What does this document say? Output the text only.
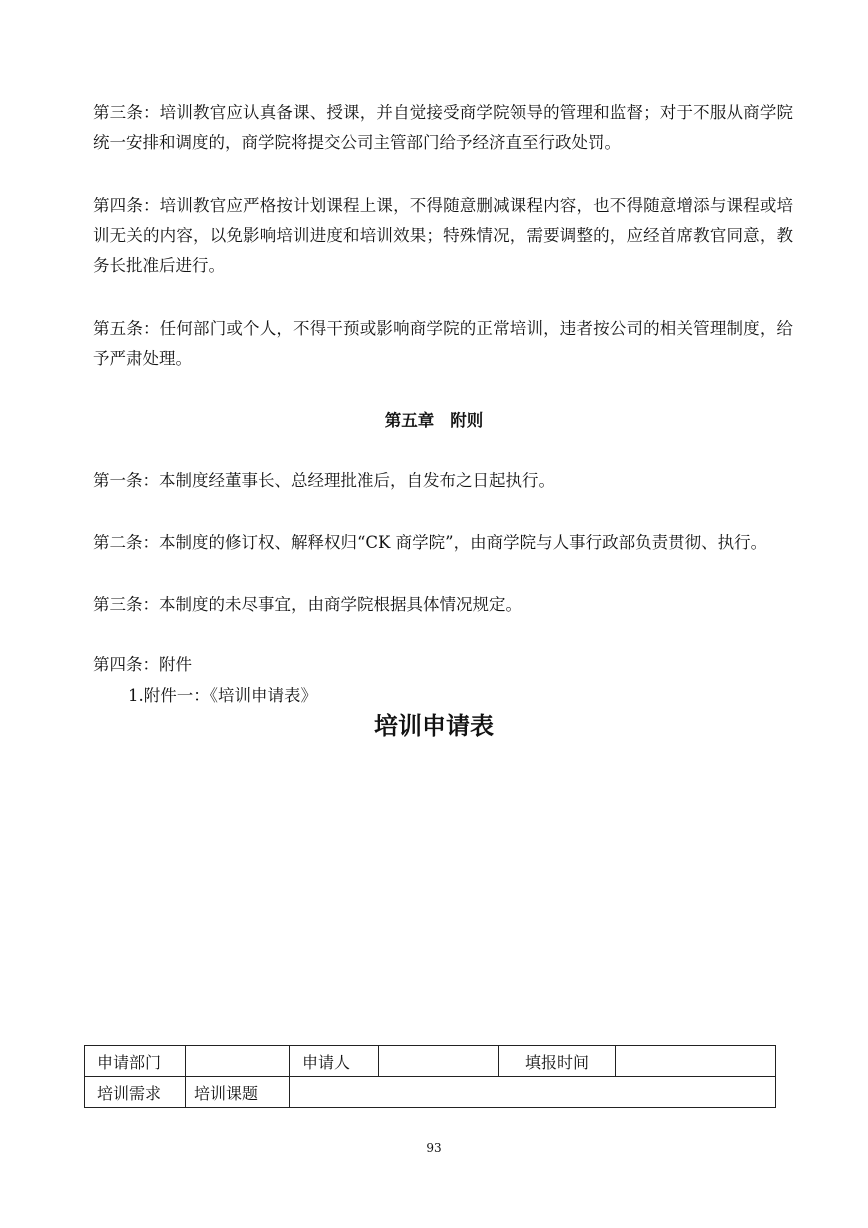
第三条：培训教官应认真备课、授课，并自觉接受商学院领导的管理和监督；对于不服从商学院统一安排和调度的，商学院将提交公司主管部门给予经济直至行政处罚。

第四条：培训教官应严格按计划课程上课，不得随意删减课程内容，也不得随意增添与课程或培训无关的内容，以免影响培训进度和培训效果；特殊情况，需要调整的，应经首席教官同意，教务长批准后进行。

第五条：任何部门或个人，不得干预或影响商学院的正常培训，违者按公司的相关管理制度，给予严肃处理。

第五章 附则
第一条：本制度经董事长、总经理批准后，自发布之日起执行。
第二条：本制度的修订权、解释权归“CK 商学院”，由商学院与人事行政部负责贯彻、执行。
第三条：本制度的未尽事宜，由商学院根据具体情况规定。
第四条：附件
1.附件一：《培训申请表》
培训申请表
申请部门		申请人		填报时间	
培训需求	培训课题				
93
